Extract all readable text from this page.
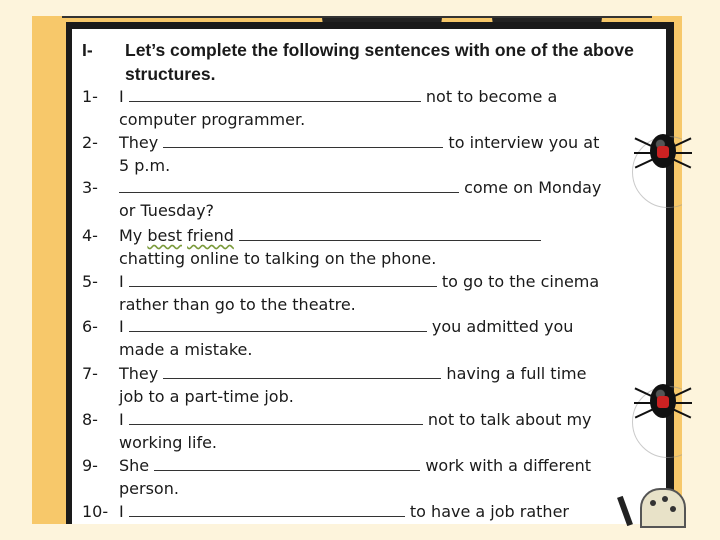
I- Let’s complete the following sentences with one of the above structures.
1- I	not to become a
computer programmer.
2- They	to interview you at
5 p.m.
3-	come on Monday
or Tuesday?
4- My best friend
chatting online to talking on the phone.
5- I	to go to the cinema
rather than go to the theatre.
6- I	you admitted you
made a mistake.
7- They	having a full time
job to a part-time job.
8- I	not to talk about my
working life.
9- She	work with a different
person.
10- I	to have a job rather
